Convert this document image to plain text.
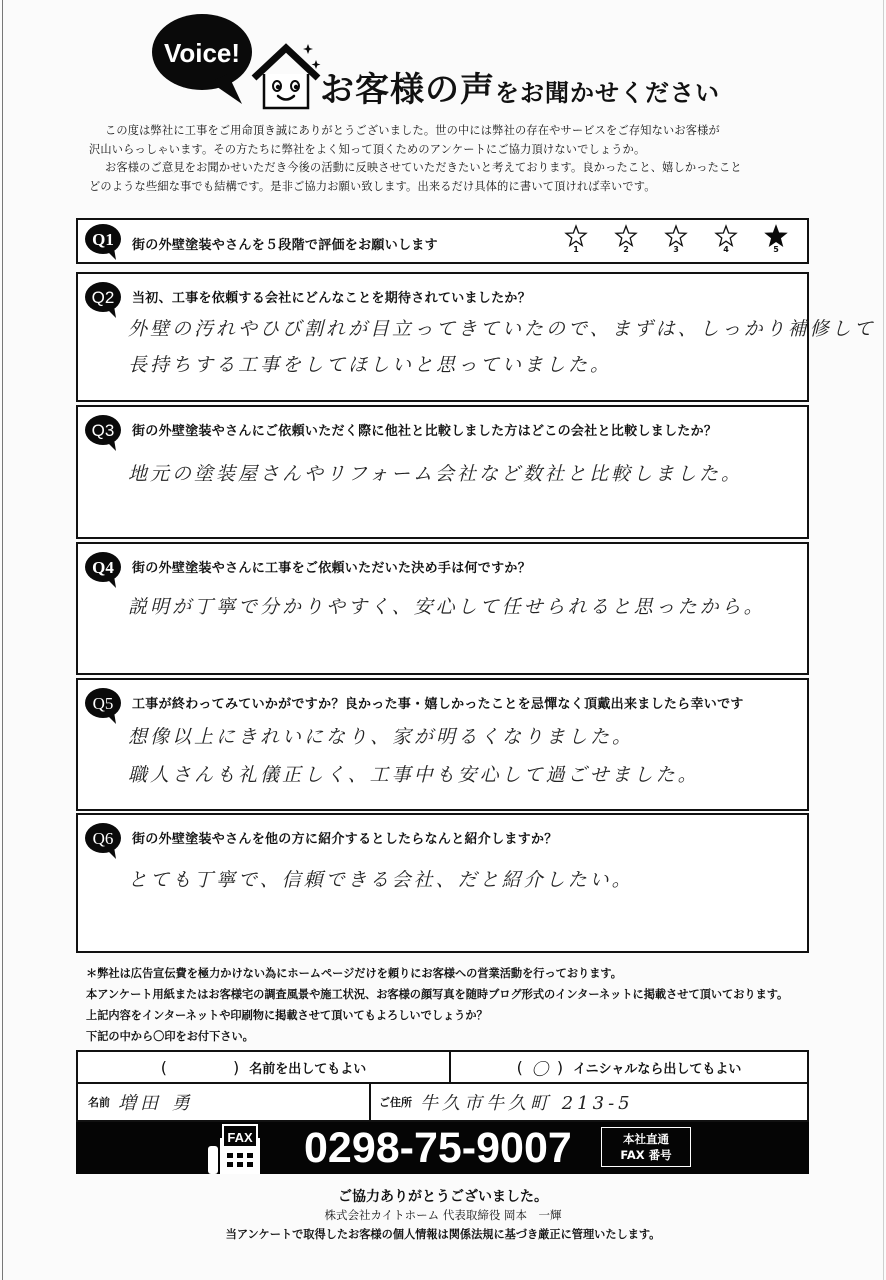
Voice!
お客様の声をお聞かせください

この度は弊社に工事をご用命頂き誠にありがとうございました。世の中には弊社の存在やサービスをご存知ないお客様が

沢山いらっしゃいます。その方たちに弊社をよく知って頂くためのアンケートにご協力頂けないでしょうか。

お客様のご意見をお聞かせいただき今後の活動に反映させていただきたいと考えております。良かったこと、嬉しかったこと

どのような些細な事でも結構です。是非ご協力お願い致します。出来るだけ具体的に書いて頂ければ幸いです。

Q1 街の外壁塗装やさんを５段階で評価をお願いします	1	2	3	4	5
Q2 当初、工事を依頼する会社にどんなことを期待されていましたか？
外壁の汚れやひび割れが目立ってきていたので、まずは、しっかり補修して
長持ちする工事をしてほしいと思っていました。
Q3 街の外壁塗装やさんにご依頼いただく際に他社と比較しました方はどこの会社と比較しましたか？
地元の塗装屋さんやリフォーム会社など数社と比較しました。
Q4 街の外壁塗装やさんに工事をご依頼いただいた決め手は何ですか？
説明が丁寧で分かりやすく、安心して任せられると思ったから。
Q5 工事が終わってみていかがですか？良かった事・嬉しかったことを忌憚なく頂戴出来ましたら幸いです
想像以上にきれいになり、家が明るくなりました。
職人さんも礼儀正しく、工事中も安心して過ごせました。
Q6 街の外壁塗装やさんを他の方に紹介するとしたらなんと紹介しますか？
とても丁寧で、信頼できる会社、だと紹介したい。
＊弊社は広告宣伝費を極力かけない為にホームページだけを頼りにお客様への営業活動を行っております。
本アンケート用紙またはお客様宅の調査風景や施工状況、お客様の顔写真を随時ブログ形式のインターネットに掲載させて頂いております。
上記内容をインターネットや印刷物に掲載させて頂いてもよろしいでしょうか？
下記の中から〇印をお付下さい。
(	) 名前を出してもよい	( 〇 ) イニシャルなら出してもよい
名前 増田 勇	ご住所 牛久市牛久町 213-5
FAX 0298-75-9007	本社直通
FAX 番号
ご協力ありがとうございました。
株式会社カイトホーム 代表取締役 岡本　一輝
当アンケートで取得したお客様の個人情報は関係法規に基づき厳正に管理いたします。
